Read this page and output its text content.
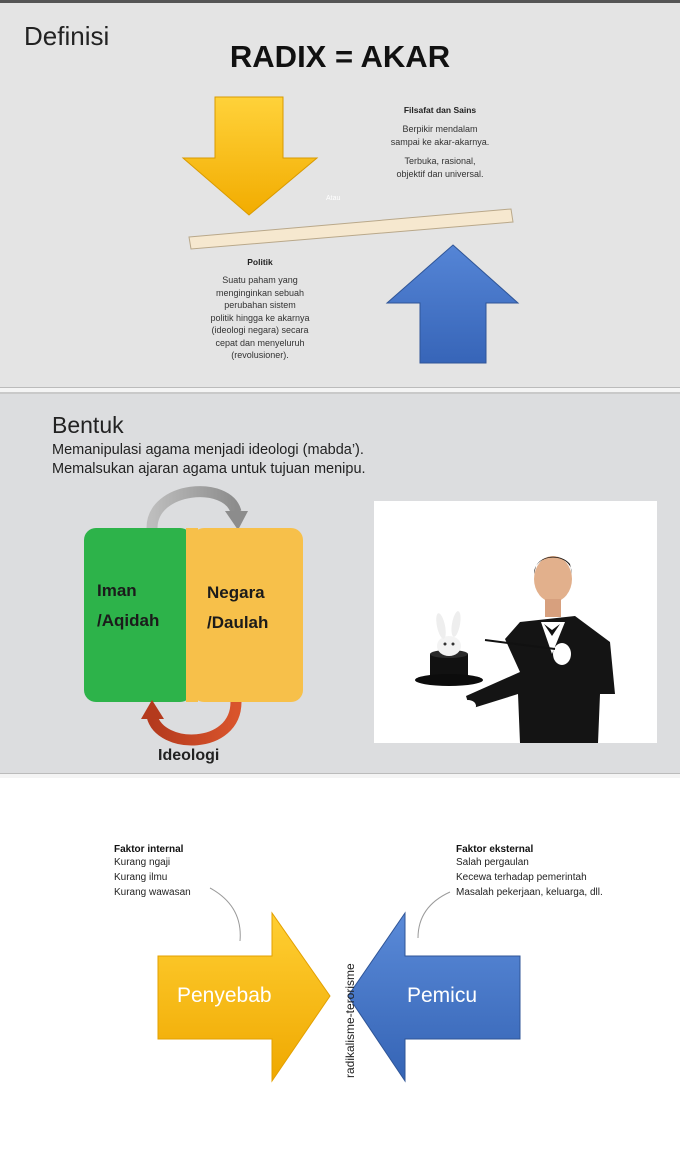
Definisi
RADIX = AKAR
Atau
Filsafat dan Sains
Berpikir mendalam
sampai ke akar-akarnya.
Terbuka, rasional,
objektif dan universal.
Politik
Suatu paham yang
menginginkan sebuah
perubahan sistem
politik hingga ke akarnya
(ideologi negara) secara
cepat dan menyeluruh
(revolusioner).
Bentuk
Memanipulasi agama menjadi ideologi (mabda’).
Memalsukan ajaran agama untuk tujuan menipu.
Iman
/Aqidah
Negara
/Daulah
Ideologi
Faktor internal
Kurang ngaji
Kurang ilmu
Kurang wawasan
Faktor eksternal
Salah pergaulan
Kecewa terhadap pemerintah
Masalah pekerjaan, keluarga, dll.
Penyebab	Pemicu
radikalisme-terorisme
